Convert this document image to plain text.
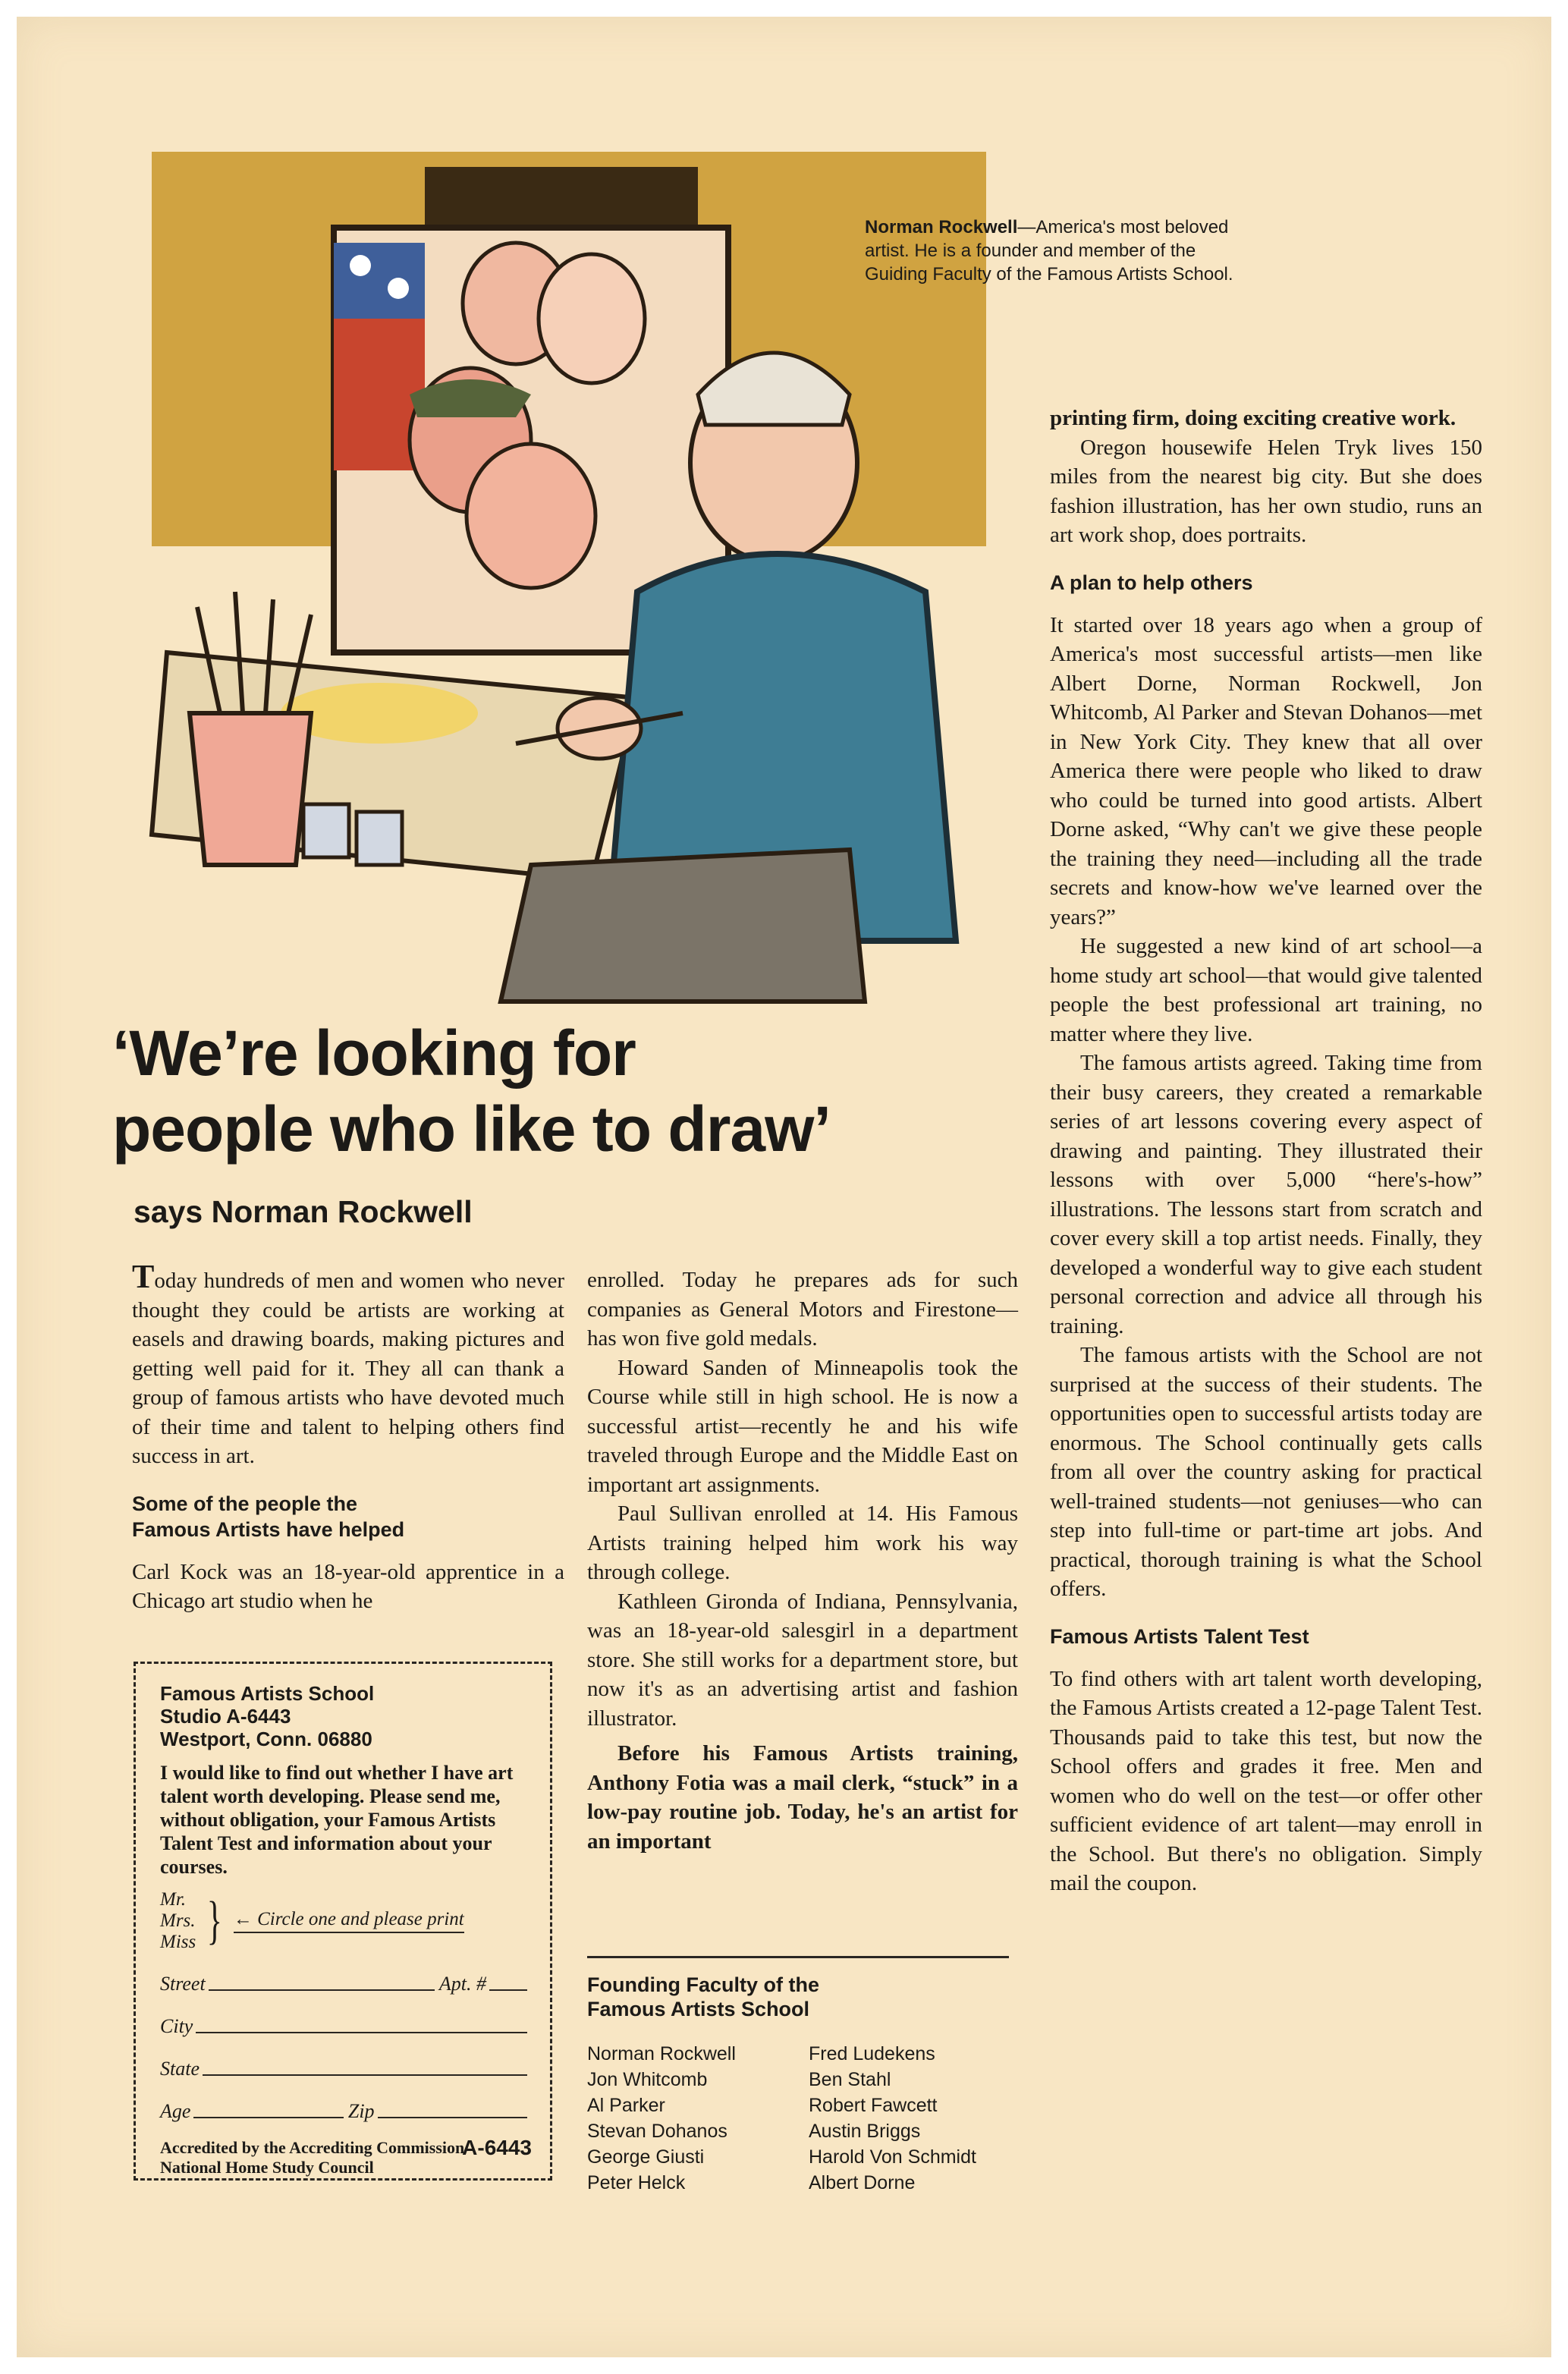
Norman Rockwell—America's most beloved artist. He is a founder and member of the Guiding Faculty of the Famous Artists School.
‘We’re looking for
people who like to draw’
says Norman Rockwell

Today hundreds of men and women who never thought they could be artists are working at easels and drawing boards, making pictures and getting well paid for it. They all can thank a group of famous artists who have devoted much of their time and talent to helping others find success in art.

Some of the people the
Famous Artists have helped

Carl Kock was an 18-year-old apprentice in a Chicago art studio when he

Famous Artists School
Studio A-6443
Westport, Conn. 06880
I would like to find out whether I have art talent worth developing. Please send me, without obligation, your Famous Artists Talent Test and information about your courses.
Mr.
Mrs.
Miss } ← Circle one and please print
Street	Apt. #
City
State
Age	Zip
Accredited by the Accrediting Commission
National Home Study Council
A-6443

enrolled. Today he prepares ads for such companies as General Motors and Firestone—has won five gold medals.

Howard Sanden of Minneapolis took the Course while still in high school. He is now a successful artist—recently he and his wife traveled through Europe and the Middle East on important art assignments.

Paul Sullivan enrolled at 14. His Famous Artists training helped him work his way through college.

Kathleen Gironda of Indiana, Pennsylvania, was an 18-year-old salesgirl in a department store. She still works for a department store, but now it's as an advertising artist and fashion illustrator.

Before his Famous Artists training, Anthony Fotia was a mail clerk, “stuck” in a low-pay routine job. Today, he's an artist for an important

Founding Faculty of the
Famous Artists School
Norman Rockwell
Jon Whitcomb
Al Parker
Stevan Dohanos
George Giusti
Peter Helck
Fred Ludekens
Ben Stahl
Robert Fawcett
Austin Briggs
Harold Von Schmidt
Albert Dorne

printing firm, doing exciting creative work.

Oregon housewife Helen Tryk lives 150 miles from the nearest big city. But she does fashion illustration, has her own studio, runs an art work shop, does portraits.

A plan to help others

It started over 18 years ago when a group of America's most successful artists—men like Albert Dorne, Norman Rockwell, Jon Whitcomb, Al Parker and Stevan Dohanos—met in New York City. They knew that all over America there were people who liked to draw who could be turned into good artists. Albert Dorne asked, “Why can't we give these people the training they need—including all the trade secrets and know-how we've learned over the years?”

He suggested a new kind of art school—a home study art school—that would give talented people the best professional art training, no matter where they live.

The famous artists agreed. Taking time from their busy careers, they created a remarkable series of art lessons covering every aspect of drawing and painting. They illustrated their lessons with over 5,000 “here's-how” illustrations. The lessons start from scratch and cover every skill a top artist needs. Finally, they developed a wonderful way to give each student personal correction and advice all through his training.

The famous artists with the School are not surprised at the success of their students. The opportunities open to successful artists today are enormous. The School continually gets calls from all over the country asking for practical well-trained students—not geniuses—who can step into full-time or part-time art jobs. And practical, thorough training is what the School offers.

Famous Artists Talent Test

To find others with art talent worth developing, the Famous Artists created a 12-page Talent Test. Thousands paid to take this test, but now the School offers and grades it free. Men and women who do well on the test—or offer other sufficient evidence of art talent—may enroll in the School. But there's no obligation. Simply mail the coupon.
